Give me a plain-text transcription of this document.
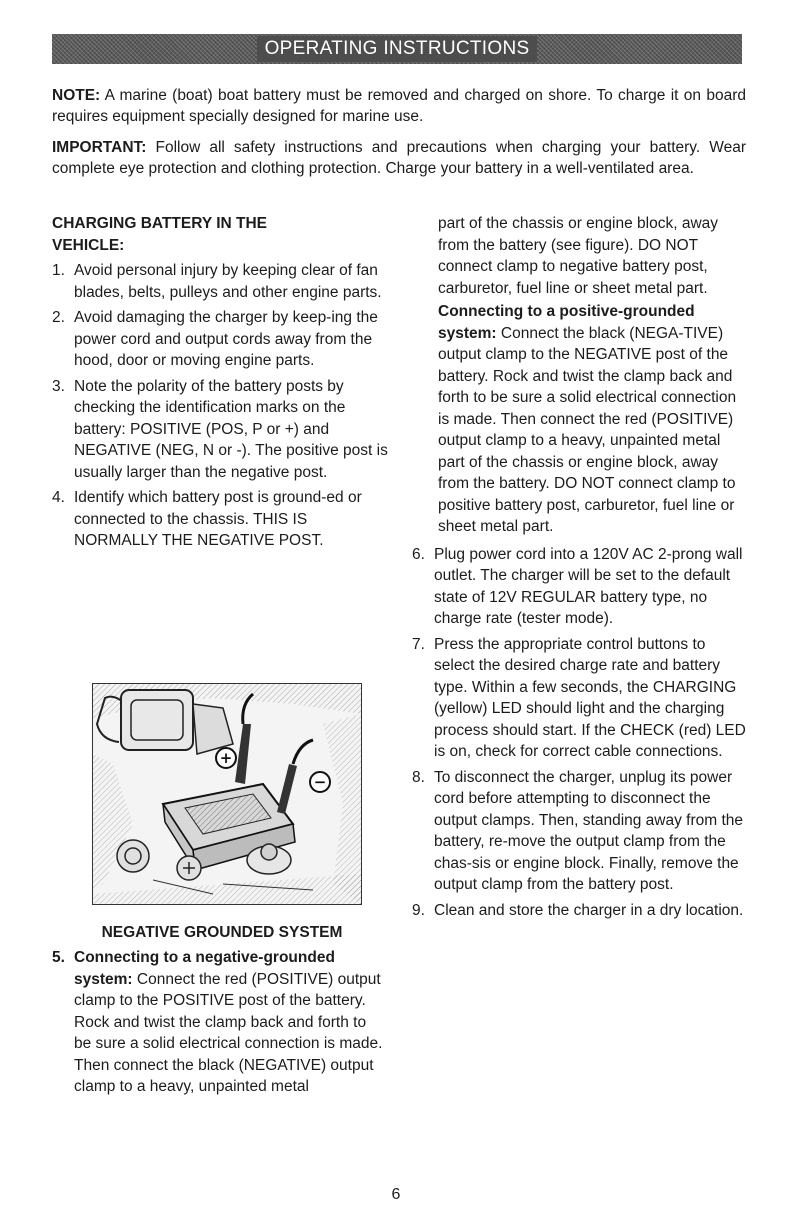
OPERATING INSTRUCTIONS

NOTE: A marine (boat) boat battery must be removed and charged on shore. To charge it on board requires equipment specially designed for marine use.

IMPORTANT: Follow all safety instructions and precautions when charging your battery. Wear complete eye protection and clothing protection. Charge your battery in a well-ventilated area.

CHARGING BATTERY IN THE
VEHICLE:
1. Avoid personal injury by keeping clear of fan blades, belts, pulleys and other engine parts.
2. Avoid damaging the charger by keep-ing the power cord and output cords away from the hood, door or moving engine parts.
3. Note the polarity of the battery posts by checking the identification marks on the battery: POSITIVE (POS, P or +) and NEGATIVE (NEG, N or -). The positive post is usually larger than the negative post.
4. Identify which battery post is ground-ed or connected to the chassis. THIS IS NORMALLY THE NEGATIVE POST.
+
−
NEGATIVE GROUNDED SYSTEM
5. Connecting to a negative-grounded system: Connect the red (POSITIVE) output clamp to the POSITIVE post of the battery. Rock and twist the clamp back and forth to be sure a solid electrical connection is made. Then connect the black (NEGATIVE) output clamp to a heavy, unpainted metal

part of the chassis or engine block, away from the battery (see figure). DO NOT connect clamp to negative battery post, carburetor, fuel line or sheet metal part.

Connecting to a positive-grounded system: Connect the black (NEGA-TIVE) output clamp to the NEGATIVE post of the battery. Rock and twist the clamp back and forth to be sure a solid electrical connection is made. Then connect the red (POSITIVE) output clamp to a heavy, unpainted metal part of the chassis or engine block, away from the battery. DO NOT connect clamp to positive battery post, carburetor, fuel line or sheet metal part.

6. Plug power cord into a 120V AC 2-prong wall outlet. The charger will be set to the default state of 12V REGULAR battery type, no charge rate (tester mode).
7. Press the appropriate control buttons to select the desired charge rate and battery type. Within a few seconds, the CHARGING (yellow) LED should light and the charging process should start. If the CHECK (red) LED is on, check for correct cable connections.
8. To disconnect the charger, unplug its power cord before attempting to disconnect the output clamps. Then, standing away from the battery, re-move the output clamp from the chas-sis or engine block. Finally, remove the output clamp from the battery post.
9. Clean and store the charger in a dry location.
6
